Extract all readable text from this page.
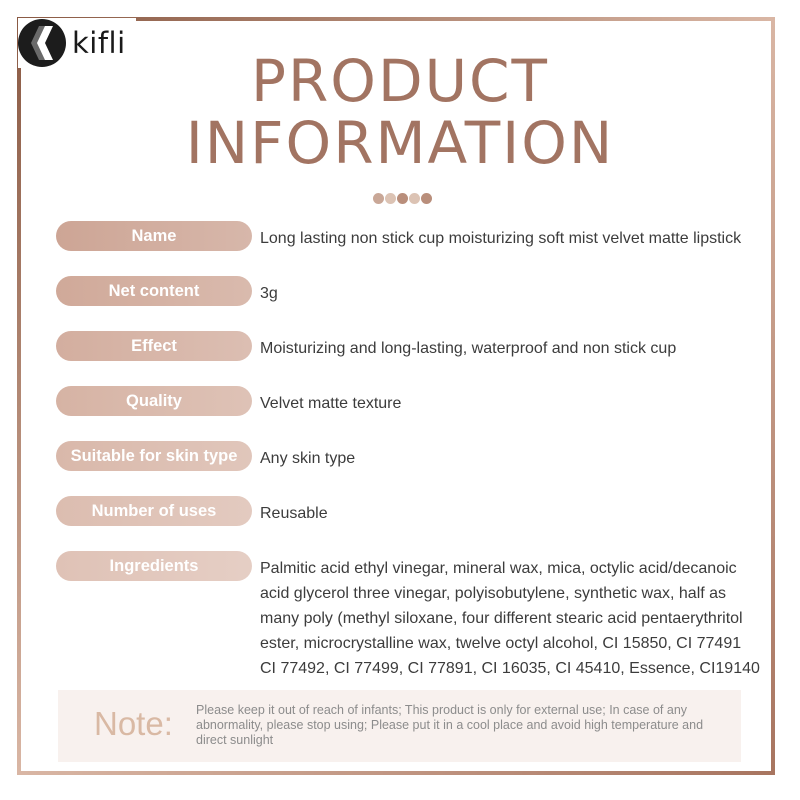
kifli
PRODUCT
INFORMATION
Name	Long lasting non stick cup moisturizing soft mist velvet matte lipstick
Net content	3g
Effect	Moisturizing and long-lasting, waterproof and non stick cup
Quality	Velvet matte texture
Suitable for skin type	Any skin type
Number of uses	Reusable
Ingredients	Palmitic acid ethyl vinegar, mineral wax, mica, octylic acid/decanoic acid glycerol three vinegar, polyisobutylene, synthetic wax, half as many poly (methyl siloxane, four different stearic acid pentaerythritol ester, microcrystalline wax, twelve octyl alcohol, CI 15850, CI 77491 CI 77492, CI 77499, CI 77891, CI 16035, CI 45410, Essence, CI19140
Note: Please keep it out of reach of infants; This product is only for external use; In case of any abnormality, please stop using; Please put it in a cool place and avoid high temperature and direct sunlight
